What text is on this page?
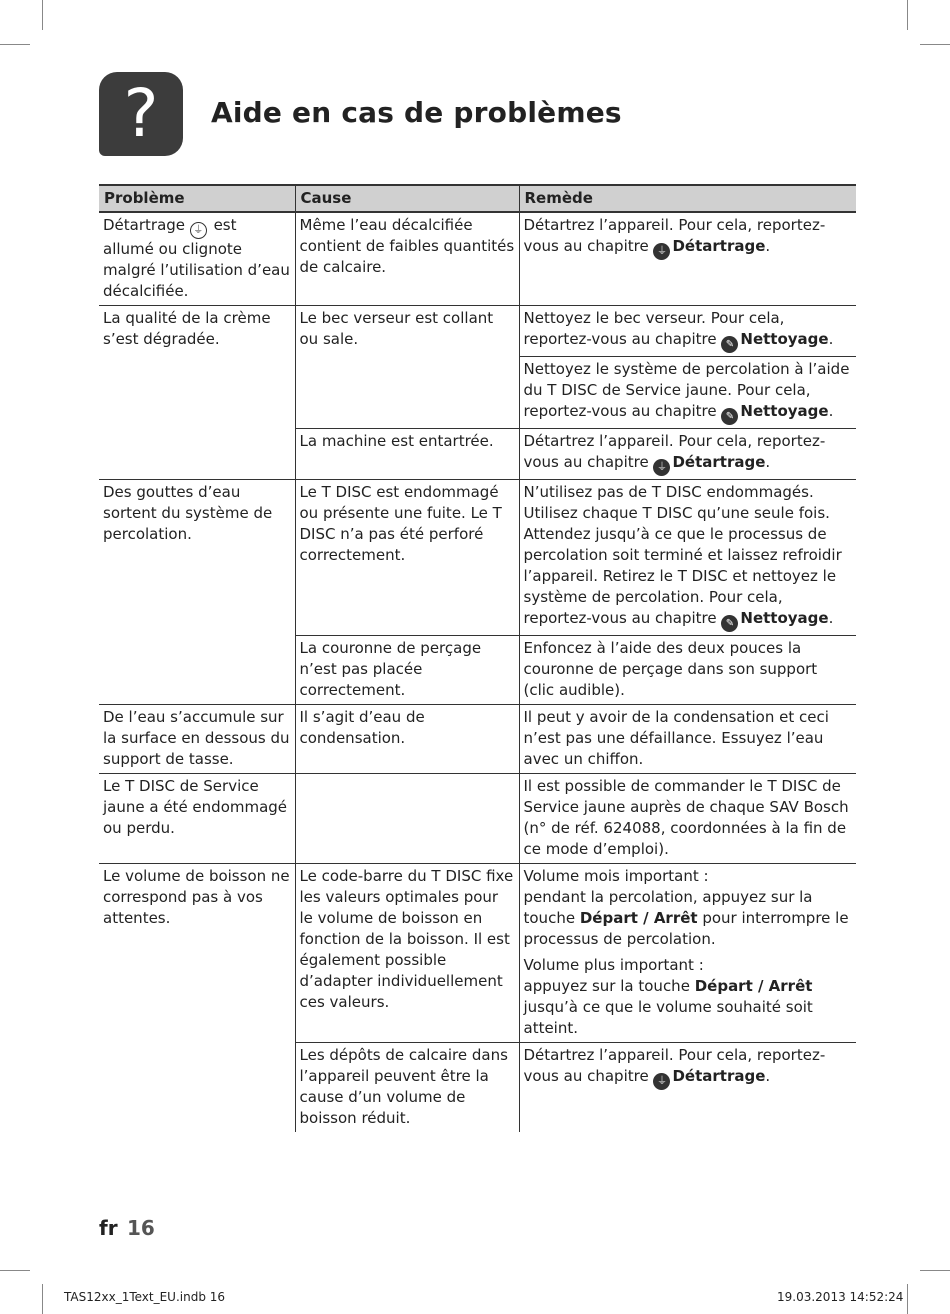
?	Aide en cas de problèmes
Problème	Cause	Remède
Détartrage ⏚ est allumé ou clignote malgré l’utilisation d’eau décalcifiée.	Même l’eau décalcifiée contient de faibles quantités de calcaire.	Détartrez l’appareil. Pour cela, reportez-vous au chapitre ⏚ Détartrage.
La qualité de la crème s’est dégradée.	Le bec verseur est collant ou sale.	Nettoyez le bec verseur. Pour cela, reportez-vous au chapitre ✎ Nettoyage.
		Nettoyez le système de percolation à l’aide du T DISC de Service jaune. Pour cela, reportez-vous au chapitre ✎ Nettoyage.
	La machine est entartrée.	Détartrez l’appareil. Pour cela, reportez-vous au chapitre ⏚ Détartrage.
Des gouttes d’eau sortent du système de percolation.	Le T DISC est endommagé ou présente une fuite. Le T DISC n’a pas été perforé correctement.	N’utilisez pas de T DISC endommagés. Utilisez chaque T DISC qu’une seule fois. Attendez jusqu’à ce que le processus de percolation soit terminé et laissez refroidir l’appareil. Retirez le T DISC et nettoyez le système de percolation. Pour cela, reportez-vous au chapitre ✎ Nettoyage.
	La couronne de perçage n’est pas placée correctement.	Enfoncez à l’aide des deux pouces la couronne de perçage dans son support (clic audible).
De l’eau s’accumule sur la surface en dessous du support de tasse.	Il s’agit d’eau de condensation.	Il peut y avoir de la condensation et ceci n’est pas une défaillance. Essuyez l’eau avec un chiffon.
Le T DISC de Service jaune a été endommagé ou perdu.		Il est possible de commander le T DISC de Service jaune auprès de chaque SAV Bosch (n° de réf. 624088, coordonnées à la fin de ce mode d’emploi).
Le volume de boisson ne correspond pas à vos attentes.	Le code-barre du T DISC fixe les valeurs optimales pour le volume de boisson en fonction de la boisson. Il est également possible d’adapter individuellement ces valeurs.	Volume mois important :
pendant la percolation, appuyez sur la touche Départ / Arrêt pour interrompre le processus de percolation.
Volume plus important :
appuyez sur la touche Départ / Arrêt jusqu’à ce que le volume souhaité soit atteint.

	Les dépôts de calcaire dans l’appareil peuvent être la cause d’un volume de boisson réduit.	Détartrez l’appareil. Pour cela, reportez-vous au chapitre ⏚ Détartrage.
fr 16
TAS12xx_1Text_EU.indb 16	19.03.2013 14:52:24
